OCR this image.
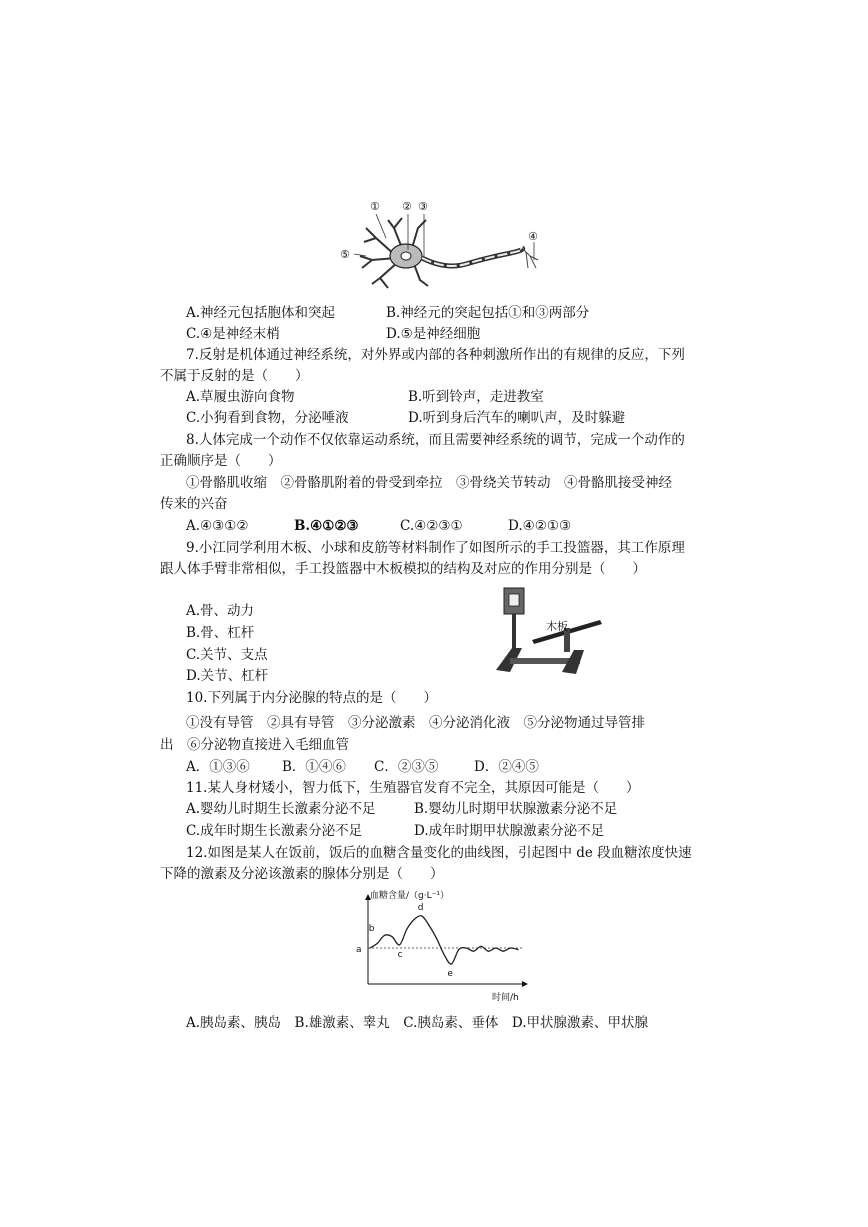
① ② ③
④
⑤
A.神经元包括胞体和突起	B.神经元的突起包括①和③两部分
C.④是神经末梢	D.⑤是神经细胞
7.反射是机体通过神经系统，对外界或内部的各种刺激所作出的有规律的反应，下列
不属于反射的是（　　）
A.草履虫游向食物	B.听到铃声，走进教室
C.小狗看到食物，分泌唾液	D.听到身后汽车的喇叭声，及时躲避
8.人体完成一个动作不仅依靠运动系统，而且需要神经系统的调节，完成一个动作的
正确顺序是（　　）
①骨骼肌收缩　②骨骼肌附着的骨受到牵拉　③骨绕关节转动　④骨骼肌接受神经
传来的兴奋
A.④③①②	B.④①②③	C.④②③①	D.④②①③
9.小江同学利用木板、小球和皮筋等材料制作了如图所示的手工投篮器，其工作原理
跟人体手臂非常相似，手工投篮器中木板模拟的结构及对应的作用分别是（　　）
A.骨、动力
B.骨、杠杆
C.关节、支点
D.关节、杠杆
木板
10.下列属于内分泌腺的特点的是（　　）
①没有导管　②具有导管　③分泌激素　④分泌消化液　⑤分泌物通过导管排
出　⑥分泌物直接进入毛细血管
A．①③⑥ B．①④⑥ C．②③⑤	D．②④⑤
11.某人身材矮小，智力低下，生殖器官发育不完全，其原因可能是（　　）
A.婴幼儿时期生长激素分泌不足	B.婴幼儿时期甲状腺激素分泌不足
C.成年时期生长激素分泌不足	D.成年时期甲状腺激素分泌不足
12.如图是某人在饭前，饭后的血糖含量变化的曲线图，引起图中 de 段血糖浓度快速
下降的激素及分泌该激素的腺体分别是（　　）
血糖含量/（g·L⁻¹）
时间/h
a
b
c
d
e
A.胰岛素、胰岛　B.雄激素、睾丸　C.胰岛素、垂体　D.甲状腺激素、甲状腺
